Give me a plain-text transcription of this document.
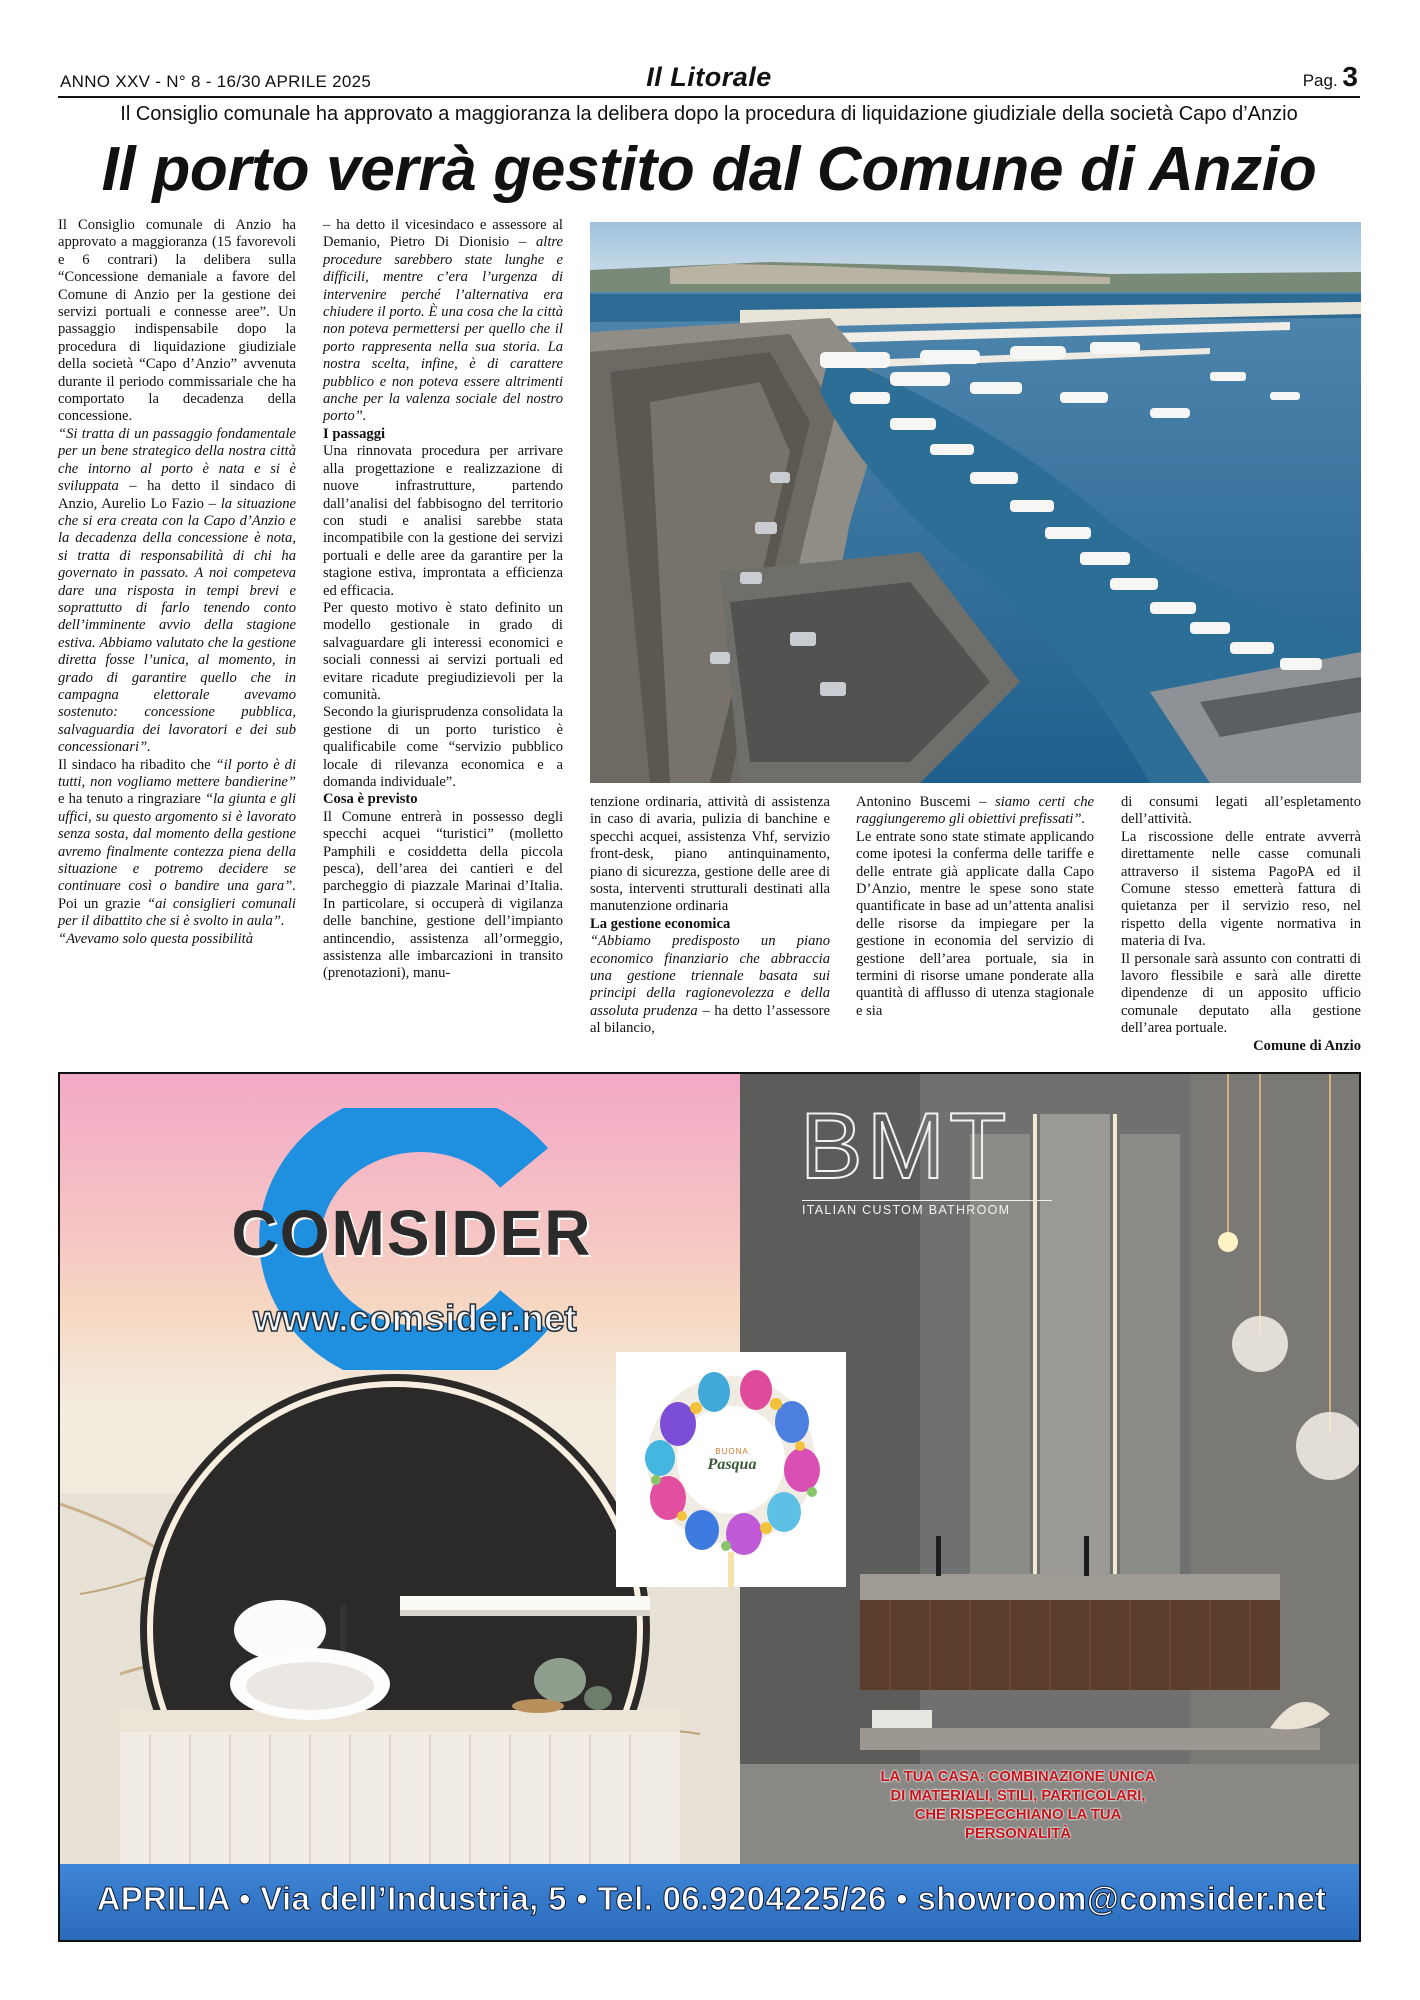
ANNO XXV - N° 8 - 16/30 APRILE 2025	Il Litorale	Pag. 3
Il Consiglio comunale ha approvato a maggioranza la delibera dopo la procedura di liquidazione giudiziale della società Capo d’Anzio
Il porto verrà gestito dal Comune di Anzio

Il Consiglio comunale di Anzio ha approvato a maggioranza (15 favorevoli e 6 contrari) la delibera sulla “Concessione demaniale a favore del Comune di Anzio per la gestione dei servizi portuali e connesse aree”. Un passaggio indispensabile dopo la procedura di liquidazione giudiziale della società “Capo d’Anzio” avvenuta durante il periodo commissariale che ha comportato la decadenza della concessione.

“Si tratta di un passaggio fondamentale per un bene strategico della nostra città che intorno al porto è nata e si è sviluppata – ha detto il sindaco di Anzio, Aurelio Lo Fazio – la situazione che si era creata con la Capo d’Anzio e la decadenza della concessione è nota, si tratta di responsabilità di chi ha governato in passato. A noi competeva dare una risposta in tempi brevi e soprattutto di farlo tenendo conto dell’imminente avvio della stagione estiva. Abbiamo valutato che la gestione diretta fosse l’unica, al momento, in grado di garantire quello che in campagna elettorale avevamo sostenuto: concessione pubblica, salvaguardia dei lavoratori e dei sub concessionari”.

Il sindaco ha ribadito che “il porto è di tutti, non vogliamo mettere bandierine” e ha tenuto a ringraziare “la giunta e gli uffici, su questo argomento si è lavorato senza sosta, dal momento della gestione avremo finalmente contezza piena della situazione e potremo decidere se continuare così o bandire una gara”. Poi un grazie “ai consiglieri comunali per il dibattito che si è svolto in aula”.

“Avevamo solo questa possibilità

– ha detto il vicesindaco e assessore al Demanio, Pietro Di Dionisio – altre procedure sarebbero state lunghe e difficili, mentre c’era l’urgenza di intervenire perché l’alternativa era chiudere il porto. È una cosa che la città non poteva permettersi per quello che il porto rappresenta nella sua storia. La nostra scelta, infine, è di carattere pubblico e non poteva essere altrimenti anche per la valenza sociale del nostro porto”.

I passaggi

Una rinnovata procedura per arrivare alla progettazione e realizzazione di nuove infrastrutture, partendo dall’analisi del fabbisogno del territorio con studi e analisi sarebbe stata incompatibile con la gestione dei servizi portuali e delle aree da garantire per la stagione estiva, improntata a efficienza ed efficacia.

Per questo motivo è stato definito un modello gestionale in grado di salvaguardare gli interessi economici e sociali connessi ai servizi portuali ed evitare ricadute pregiudizievoli per la comunità.

Secondo la giurisprudenza consolidata la gestione di un porto turistico è qualificabile come “servizio pubblico locale di rilevanza economica e a domanda individuale”.

Cosa è previsto

Il Comune entrerà in possesso degli specchi acquei “turistici” (molletto Pamphili e cosiddetta della piccola pesca), dell’area dei cantieri e del parcheggio di piazzale Marinai d’Italia. In particolare, si occuperà di vigilanza delle banchine, gestione dell’impianto antincendio, assistenza all’ormeggio, assistenza alle imbarcazioni in transito (prenotazioni), manu-

tenzione ordinaria, attività di assistenza in caso di avaria, pulizia di banchine e specchi acquei, assistenza Vhf, servizio front-desk, piano antinquinamento, piano di sicurezza, gestione delle aree di sosta, interventi strutturali destinati alla manutenzione ordinaria

La gestione economica

“Abbiamo predisposto un piano economico finanziario che abbraccia una gestione triennale basata sui principi della ragionevolezza e della assoluta prudenza – ha detto l’assessore al bilancio,

Antonino Buscemi – siamo certi che raggiungeremo gli obiettivi prefissati”.

Le entrate sono state stimate applicando come ipotesi la conferma delle tariffe e delle entrate già applicate dalla Capo D’Anzio, mentre le spese sono state quantificate in base ad un’attenta analisi delle risorse da impiegare per la gestione in economia del servizio di gestione dell’area portuale, sia in termini di risorse umane ponderate alla quantità di afflusso di utenza stagionale e sia

di consumi legati all’espletamento dell’attività.

La riscossione delle entrate avverrà direttamente nelle casse comunali attraverso il sistema PagoPA ed il Comune stesso emetterà fattura di quietanza per il servizio reso, nel rispetto della vigente normativa in materia di Iva.

Il personale sarà assunto con contratti di lavoro flessibile e sarà alle dirette dipendenze di un apposito ufficio comunale deputato alla gestione dell’area portuale.

Comune di Anzio

COMSIDER
www.comsider.net
BMT
ITALIAN CUSTOM BATHROOM
BUONA
Pasqua
LA TUA CASA: COMBINAZIONE UNICA
DI MATERIALI, STILI, PARTICOLARI,
CHE RISPECCHIANO LA TUA PERSONALITÀ
APRILIA • Via dell’Industria, 5 • Tel. 06.9204225/26 • showroom@comsider.net
